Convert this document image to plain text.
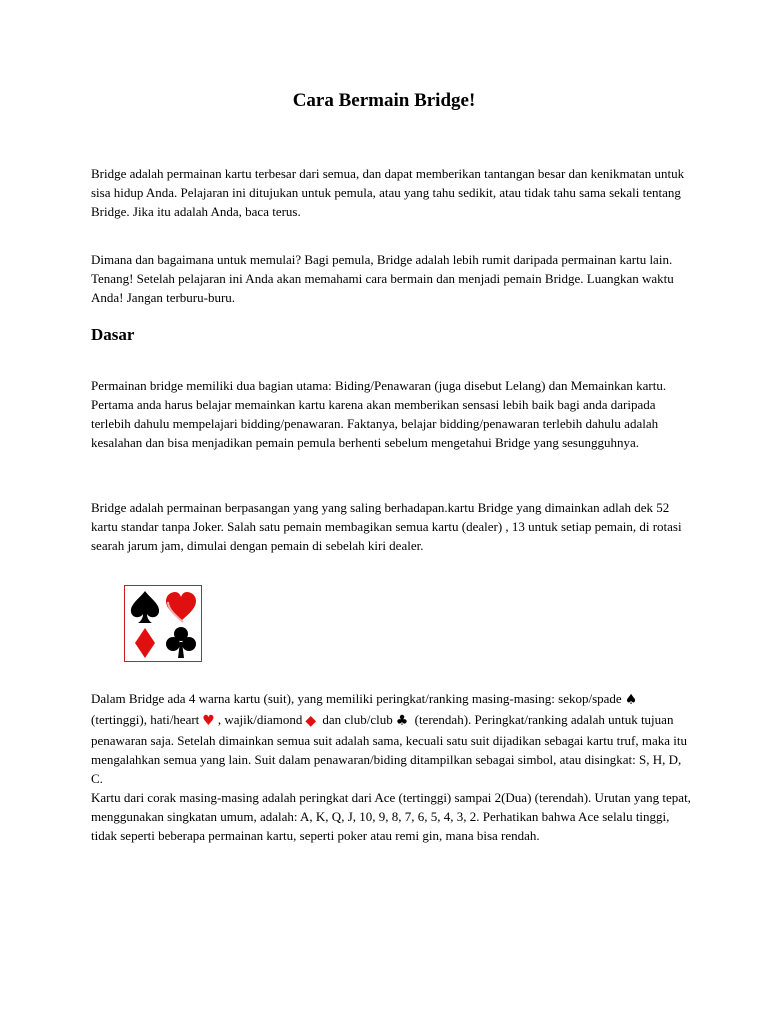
Cara Bermain Bridge!

Bridge adalah permainan kartu terbesar dari semua, dan dapat memberikan tantangan besar dan kenikmatan untuk sisa hidup Anda. Pelajaran ini ditujukan untuk pemula, atau yang tahu sedikit, atau tidak tahu sama sekali tentang Bridge. Jika itu adalah Anda, baca terus.

Dimana dan bagaimana untuk memulai? Bagi pemula, Bridge adalah lebih rumit daripada permainan kartu lain. Tenang! Setelah pelajaran ini Anda akan memahami cara bermain dan menjadi pemain Bridge. Luangkan waktu Anda! Jangan terburu-buru.

Dasar

Permainan bridge memiliki dua bagian utama: Biding/Penawaran (juga disebut Lelang) dan Memainkan kartu. Pertama anda harus belajar memainkan kartu karena akan memberikan sensasi lebih baik bagi anda daripada terlebih dahulu mempelajari bidding/penawaran. Faktanya, belajar bidding/penawaran terlebih dahulu adalah kesalahan dan bisa menjadikan pemain pemula berhenti sebelum mengetahui Bridge yang sesungguhnya.

Bridge adalah permainan berpasangan yang yang saling berhadapan.kartu Bridge yang dimainkan adlah dek 52 kartu standar tanpa Joker. Salah satu pemain membagikan semua kartu (dealer) , 13 untuk setiap pemain, di rotasi searah jarum jam, dimulai dengan pemain di sebelah kiri dealer.

Dalam Bridge ada 4 warna kartu (suit), yang memiliki peringkat/ranking masing-masing: sekop/spade ♠ (tertinggi), hati/heart ♥ , wajik/diamond ◆ dan club/club ♣ (terendah). Peringkat/ranking adalah untuk tujuan penawaran saja. Setelah dimainkan semua suit adalah sama, kecuali satu suit dijadikan sebagai kartu truf, maka itu mengalahkan semua yang lain. Suit dalam penawaran/biding ditampilkan sebagai simbol, atau disingkat: S, H, D, C.
Kartu dari corak masing-masing adalah peringkat dari Ace (tertinggi) sampai 2(Dua) (terendah). Urutan yang tepat, menggunakan singkatan umum, adalah: A, K, Q, J, 10, 9, 8, 7, 6, 5, 4, 3, 2. Perhatikan bahwa Ace selalu tinggi, tidak seperti beberapa permainan kartu, seperti poker atau remi gin, mana bisa rendah.
